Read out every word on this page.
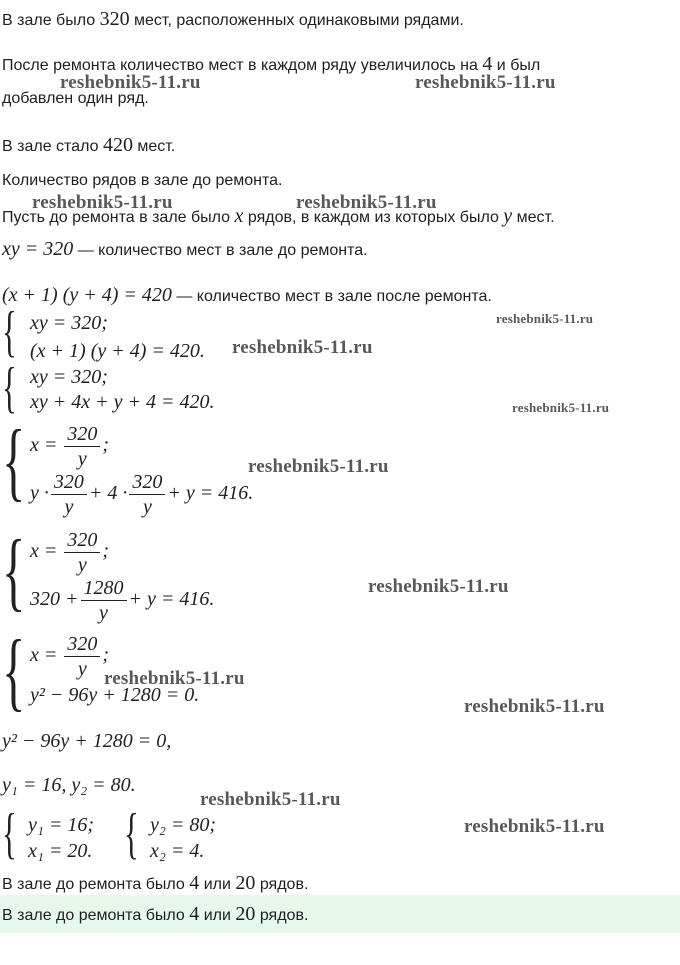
В зале было 320 мест, расположенных одинаковыми рядами.
После ремонта количество мест в каждом ряду увеличилось на 4 и был
добавлен один ряд.
В зале стало 420 мест.
Количество рядов в зале до ремонта.
Пусть до ремонта в зале было x рядов, в каждом из которых было y мест.
xy = 320 — количество мест в зале до ремонта.
(x + 1) (y + 4) = 420 — количество мест в зале после ремонта.
{ xy = 320;
(x + 1) (y + 4) = 420.
{ xy = 320;
xy + 4x + y + 4 = 420.
{ $x = \frac{320}{y}$ ;
$y \cdot \frac{320}{y} + 4 \cdot \frac{320}{y} + y = 416$.
{ $x = \frac{320}{y}$ ;
$320 + \frac{1280}{y} + y = 416$.
{ $x = \frac{320}{y}$ ;
y² − 96y + 1280 = 0.
y² − 96y + 1280 = 0,
y₁ = 16, y₂ = 80.
{ y₁ = 16;
x₁ = 20. { y₂ = 80;
x₂ = 4.
В зале до ремонта было 4 или 20 рядов.
В зале до ремонта было 4 или 20 рядов.
reshebnik5-11.ru	reshebnik5-11.ru
reshebnik5-11.ru	reshebnik5-11.ru
reshebnik5-11.ru
reshebnik5-11.ru
reshebnik5-11.ru
reshebnik5-11.ru
reshebnik5-11.ru
reshebnik5-11.ru
reshebnik5-11.ru
reshebnik5-11.ru
reshebnik5-11.ru
